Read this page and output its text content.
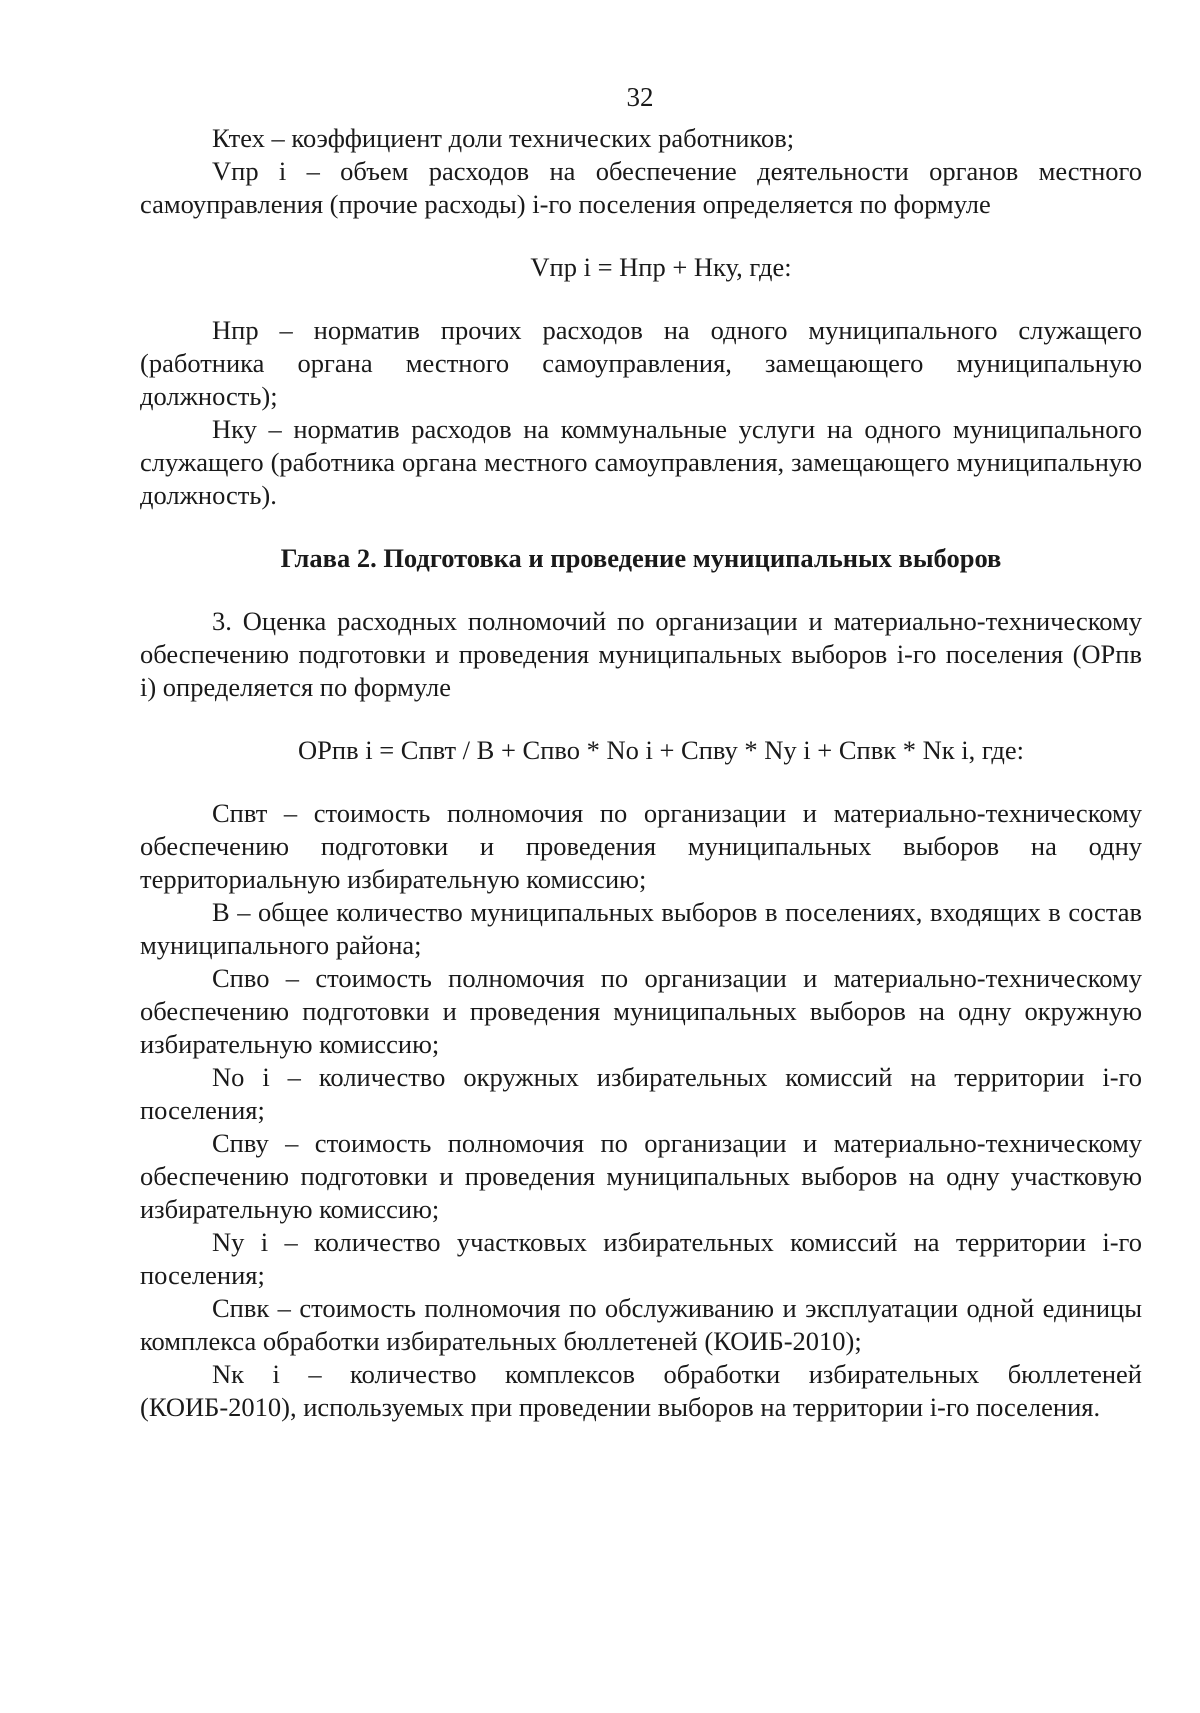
32

Ктех – коэффициент доли технических работников;

Vпр i – объем расходов на обеспечение деятельности органов местного самоуправления (прочие расходы) i-го поселения определяется по формуле

Vпр i = Нпр + Нку, где:

Нпр – норматив прочих расходов на одного муниципального служащего (работника органа местного самоуправления, замещающего муниципальную должность);

Нку – норматив расходов на коммунальные услуги на одного муниципального служащего (работника органа местного самоуправления, замещающего муниципальную должность).

Глава 2. Подготовка и проведение муниципальных выборов

3. Оценка расходных полномочий по организации и материально-техническому обеспечению подготовки и проведения муниципальных выборов i-го поселения (ОРпв i) определяется по формуле

ОРпв i = Спвт / В + Спво * No i + Спву * Ny i + Спвк * Nк i, где:

Спвт – стоимость полномочия по организации и материально-техническому обеспечению подготовки и проведения муниципальных выборов на одну территориальную избирательную комиссию;

В – общее количество муниципальных выборов в поселениях, входящих в состав муниципального района;

Спво – стоимость полномочия по организации и материально-техническому обеспечению подготовки и проведения муниципальных выборов на одну окружную избирательную комиссию;

No i – количество окружных избирательных комиссий на территории i-го поселения;

Спву – стоимость полномочия по организации и материально-техническому обеспечению подготовки и проведения муниципальных выборов на одну участковую избирательную комиссию;

Ny i – количество участковых избирательных комиссий на территории i-го поселения;

Спвк – стоимость полномочия по обслуживанию и эксплуатации одной единицы комплекса обработки избирательных бюллетеней (КОИБ-2010);

Nк i – количество комплексов обработки избирательных бюллетеней (КОИБ-2010), используемых при проведении выборов на территории i-го поселения.
